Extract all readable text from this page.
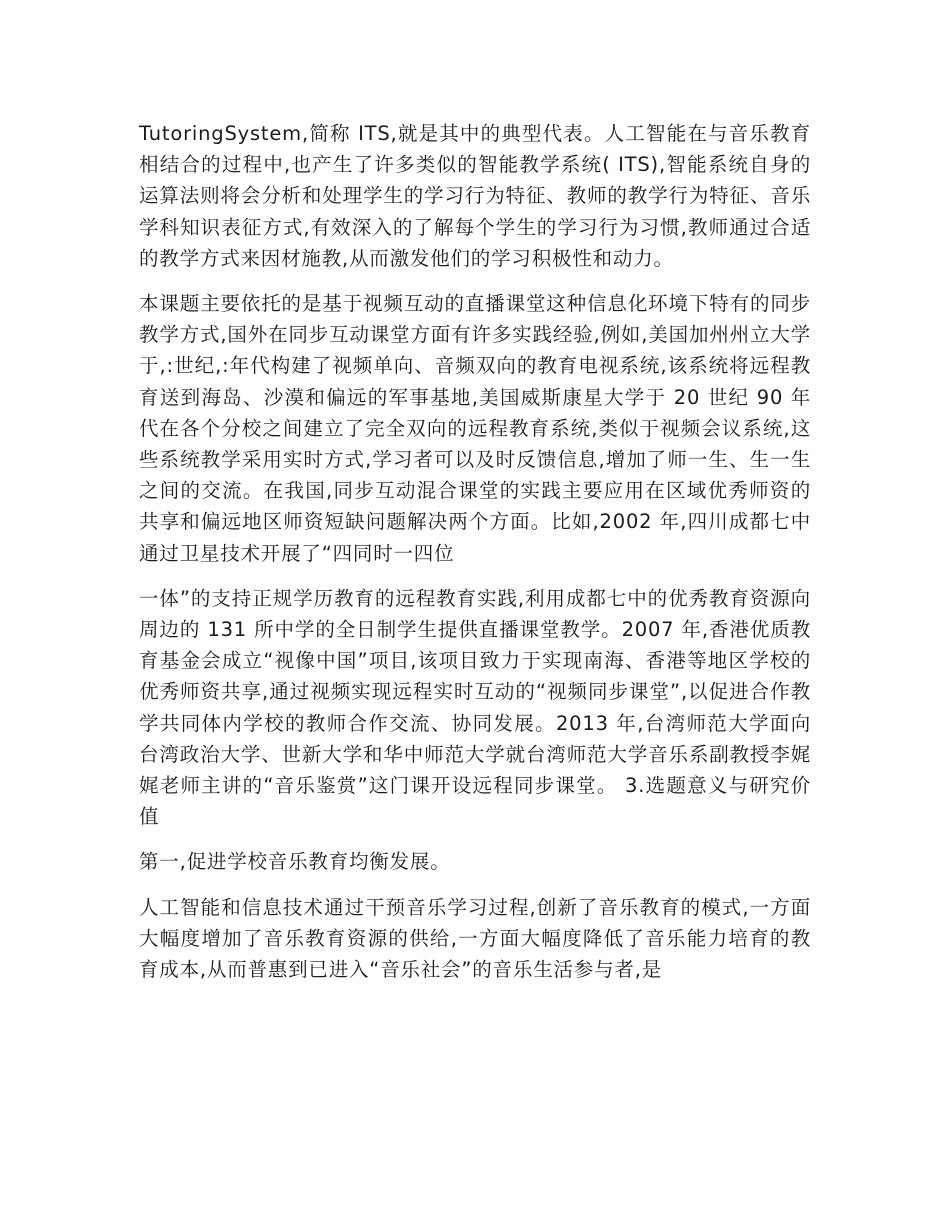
TutoringSystem,简称 ITS,就是其中的典型代表。人工智能在与音乐教育相结合的过程中,也产生了许多类似的智能教学系统( ITS),智能系统自身的运算法则将会分析和处理学生的学习行为特征、教师的教学行为特征、音乐学科知识表征方式,有效深入的了解每个学生的学习行为习惯,教师通过合适的教学方式来因材施教,从而激发他们的学习积极性和动力。

本课题主要依托的是基于视频互动的直播课堂这种信息化环境下特有的同步教学方式,国外在同步互动课堂方面有许多实践经验,例如,美国加州州立大学于,:世纪,:年代构建了视频单向、音频双向的教育电视系统,该系统将远程教育送到海岛、沙漠和偏远的军事基地,美国威斯康星大学于 20 世纪 90 年代在各个分校之间建立了完全双向的远程教育系统,类似于视频会议系统,这些系统教学采用实时方式,学习者可以及时反馈信息,增加了师一生、生一生之间的交流。在我国,同步互动混合课堂的实践主要应用在区域优秀师资的共享和偏远地区师资短缺问题解决两个方面。比如,2002 年,四川成都七中通过卫星技术开展了“四同时一四位

一体”的支持正规学历教育的远程教育实践,利用成都七中的优秀教育资源向周边的 131 所中学的全日制学生提供直播课堂教学。2007 年,香港优质教育基金会成立“视像中国”项目,该项目致力于实现南海、香港等地区学校的优秀师资共享,通过视频实现远程实时互动的“视频同步课堂”,以促进合作教学共同体内学校的教师合作交流、协同发展。2013 年,台湾师范大学面向台湾政治大学、世新大学和华中师范大学就台湾师范大学音乐系副教授李娓娓老师主讲的“音乐鉴赏”这门课开设远程同步课堂。 3.选题意义与研究价值

第一,促进学校音乐教育均衡发展。

人工智能和信息技术通过干预音乐学习过程,创新了音乐教育的模式,一方面大幅度增加了音乐教育资源的供给,一方面大幅度降低了音乐能力培育的教育成本,从而普惠到已进入“音乐社会”的音乐生活参与者,是
